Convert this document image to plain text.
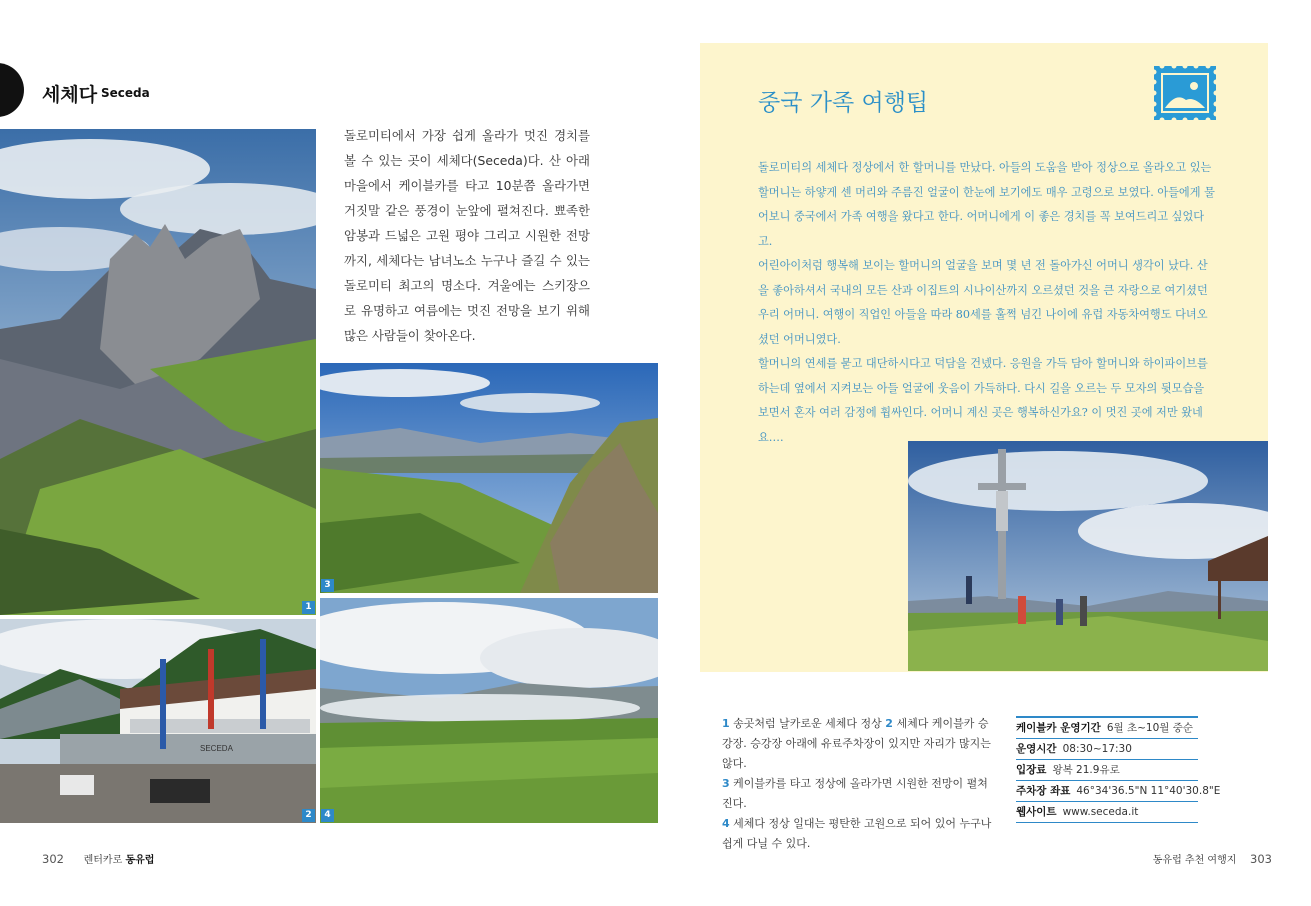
세체다 Seceda
1
SECEDA
2
3
4
돌로미티에서 가장 쉽게 올라가 멋진 경치를 볼 수 있는 곳이 세체다(Seceda)다. 산 아래 마을에서 케이블카를 타고 10분쯤 올라가면 거짓말 같은 풍경이 눈앞에 펼쳐진다. 뾰족한 암봉과 드넓은 고원 평야 그리고 시원한 전망까지, 세체다는 남녀노소 누구나 즐길 수 있는 돌로미티 최고의 명소다. 겨울에는 스키장으로 유명하고 여름에는 멋진 전망을 보기 위해 많은 사람들이 찾아온다.
중국 가족 여행팁
돌로미티의 세체다 정상에서 한 할머니를 만났다. 아들의 도움을 받아 정상으로 올라오고 있는 할머니는 하얗게 센 머리와 주름진 얼굴이 한눈에 보기에도 매우 고령으로 보였다. 아들에게 물어보니 중국에서 가족 여행을 왔다고 한다. 어머니에게 이 좋은 경치를 꼭 보여드리고 싶었다고.
어린아이처럼 행복해 보이는 할머니의 얼굴을 보며 몇 년 전 돌아가신 어머니 생각이 났다. 산을 좋아하셔서 국내의 모든 산과 이집트의 시나이산까지 오르셨던 것을 큰 자랑으로 여기셨던 우리 어머니. 여행이 직업인 아들을 따라 80세를 훌쩍 넘긴 나이에 유럽 자동차여행도 다녀오셨던 어머니였다.
할머니의 연세를 묻고 대단하시다고 덕담을 건넸다. 응원을 가득 담아 할머니와 하이파이브를 하는데 옆에서 지켜보는 아들 얼굴에 웃음이 가득하다. 다시 길을 오르는 두 모자의 뒷모습을 보면서 혼자 여러 감정에 휩싸인다. 어머니 계신 곳은 행복하신가요? 이 멋진 곳에 저만 왔네요….
1 송곳처럼 날카로운 세체다 정상 2 세체다 케이블카 승강장. 승강장 아래에 유료주차장이 있지만 자리가 많지는 않다.
3 케이블카를 타고 정상에 올라가면 시원한 전망이 펼쳐진다.
4 세체다 정상 일대는 평탄한 고원으로 되어 있어 누구나 쉽게 다닐 수 있다.
케이블카 운영기간 6월 초~10월 중순
운영시간 08:30~17:30
입장료 왕복 21.9유로
주차장 좌표 46°34'36.5"N 11°40'30.8"E
웹사이트 www.seceda.it
302 렌터카로 동유럽	동유럽 추천 여행지 303
